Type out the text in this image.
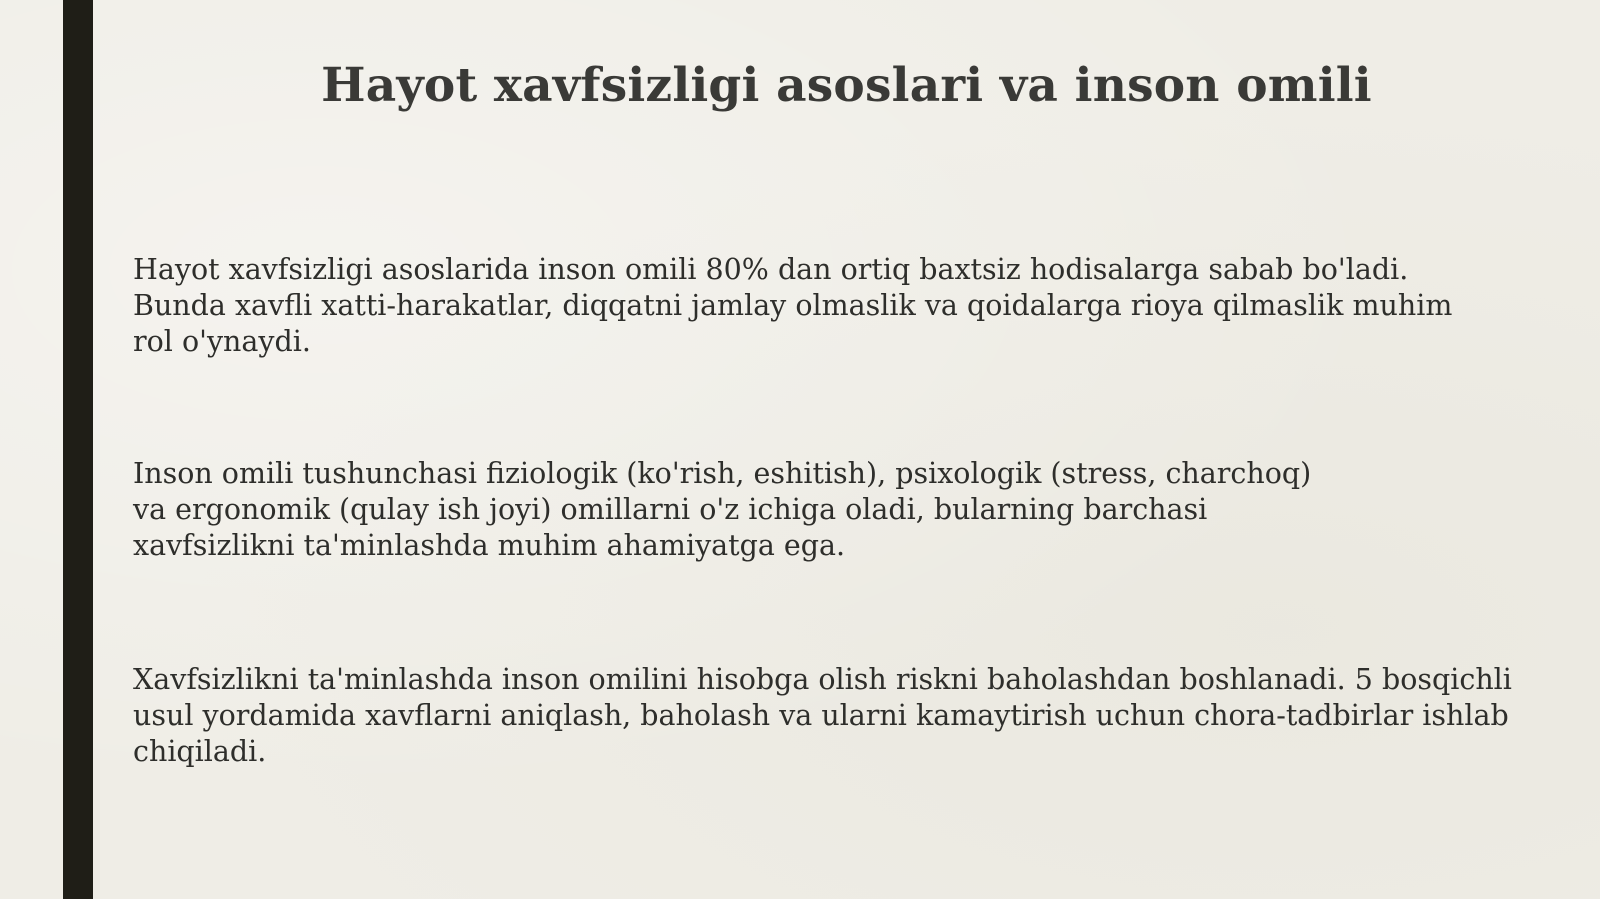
Hayot xavfsizligi asoslari va inson omili
Hayot xavfsizligi asoslarida inson omili 80% dan ortiq baxtsiz hodisalarga sabab bo'ladi. Bunda xavfli xatti-harakatlar, diqqatni jamlay olmaslik va qoidalarga rioya qilmaslik muhim rol o'ynaydi.
Inson omili tushunchasi fiziologik (ko'rish, eshitish), psixologik (stress, charchoq) va ergonomik (qulay ish joyi) omillarni o'z ichiga oladi, bularning barchasi xavfsizlikni ta'minlashda muhim ahamiyatga ega.
Xavfsizlikni ta'minlashda inson omilini hisobga olish riskni baholashdan boshlanadi. 5 bosqichli usul yordamida xavflarni aniqlash, baholash va ularni kamaytirish uchun chora-tadbirlar ishlab chiqiladi.
